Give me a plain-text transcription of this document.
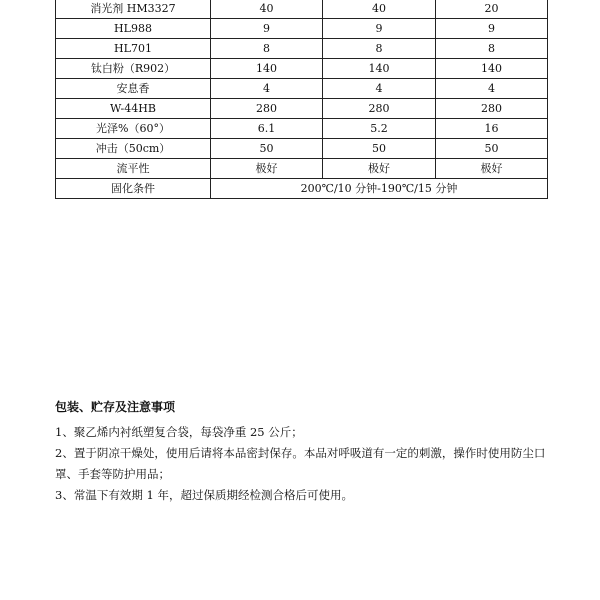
消光剂 HM3327	40	40	20
HL988	9	9	9
HL701	8	8	8
钛白粉（R902）	140	140	140
安息香	4	4	4
W-44HB	280	280	280
光泽%（60°）	6.1	5.2	16
冲击（50cm）	50	50	50
流平性	极好	极好	极好
固化条件	200℃/10 分钟-190℃/15 分钟		
包装、贮存及注意事项
1、聚乙烯内衬纸塑复合袋，每袋净重 25 公斤；
2、置于阴凉干燥处，使用后请将本品密封保存。本品对呼吸道有一定的刺激，操作时使用防尘口罩、手套等防护用品；
3、常温下有效期 1 年，超过保质期经检测合格后可使用。
